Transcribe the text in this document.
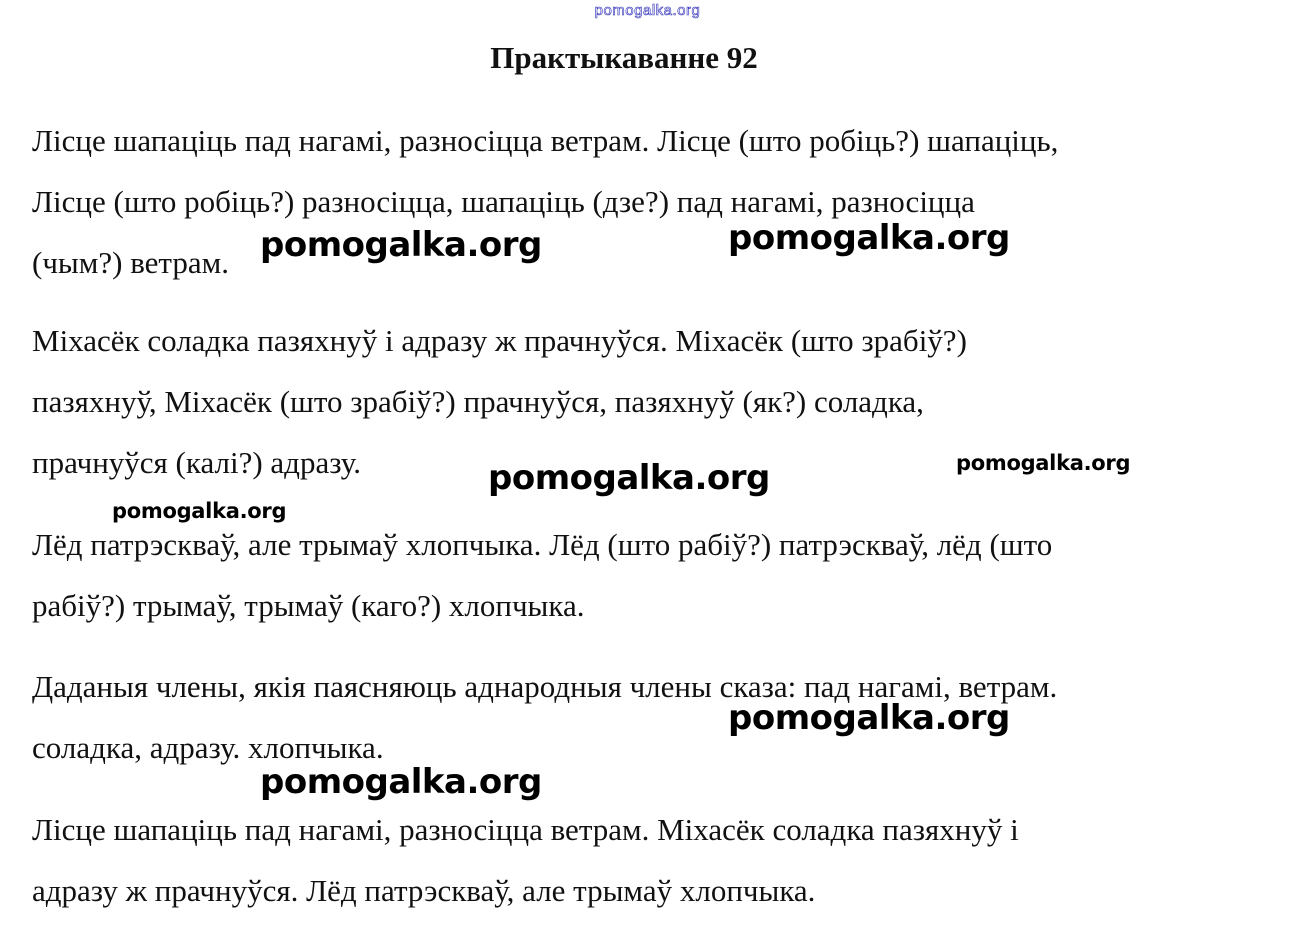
pomogalka.org
Практыкаванне 92

Лісце шапаціць пад нагамі, разносіцца ветрам. Лісце (што робіць?) шапаціць,
Лісце (што робіць?) разносіцца, шапаціць (дзе?) пад нагамі, разносіцца
(чым?) ветрам.

Міхасёк соладка пазяхнуў і адразу ж прачнуўся. Міхасёк (што зрабіў?)
пазяхнуў, Міхасёк (што зрабіў?) прачнуўся, пазяхнуў (як?) соладка,
прачнуўся (калі?) адразу.

Лёд патрэскваў, але трымаў хлопчыка. Лёд (што рабіў?) патрэскваў, лёд (што
рабіў?) трымаў, трымаў (каго?) хлопчыка.

Даданыя члены, якія паясняюць аднародныя члены сказа: пад нагамі, ветрам.
соладка, адразу. хлопчыка.

Лісце шапаціць пад нагамі, разносіцца ветрам. Міхасёк соладка пазяхнуў і
адразу ж прачнуўся. Лёд патрэскваў, але трымаў хлопчыка.

pomogalka.org	pomogalka.org
pomogalka.org	pomogalka.org
pomogalka.org
pomogalka.org
pomogalka.org
